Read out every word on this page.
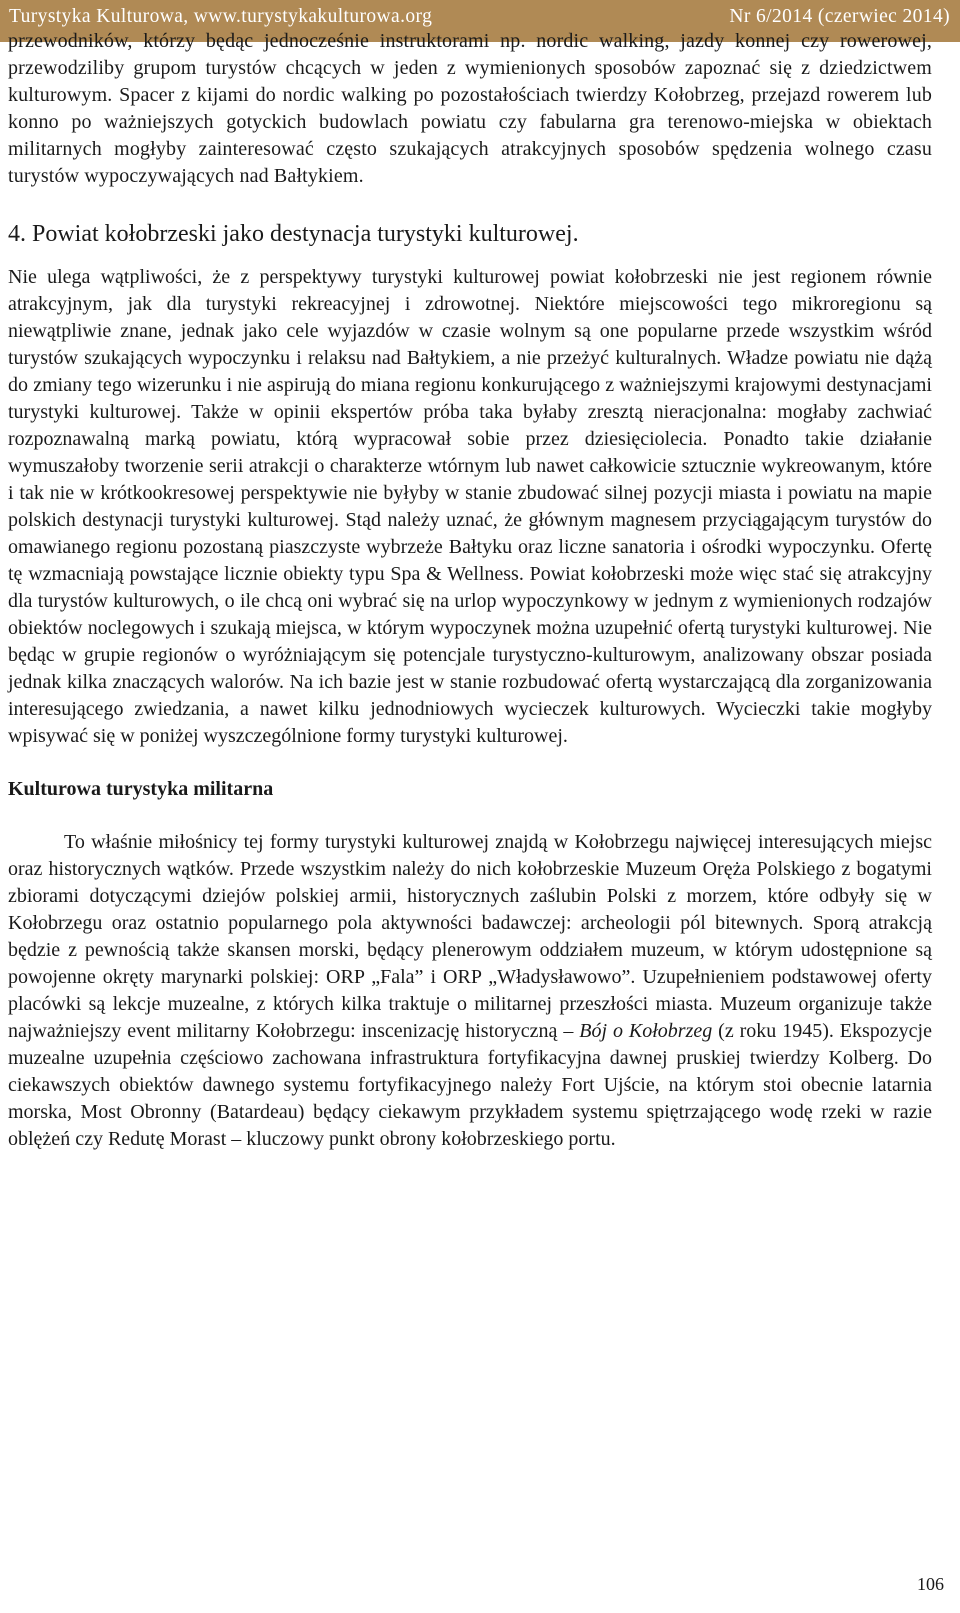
Turystyka Kulturowa, www.turystykakulturowa.org	Nr 6/2014 (czerwiec 2014)

przewodników, którzy będąc jednocześnie instruktorami np. nordic walking, jazdy konnej czy rowerowej, przewodziliby grupom turystów chcących w jeden z wymienionych sposobów zapoznać się z dziedzictwem kulturowym. Spacer z kijami do nordic walking po pozostałościach twierdzy Kołobrzeg, przejazd rowerem lub konno po ważniejszych gotyckich budowlach powiatu czy fabularna gra terenowo-miejska w obiektach militarnych mogłyby zainteresować często szukających atrakcyjnych sposobów spędzenia wolnego czasu turystów wypoczywających nad Bałtykiem.

4. Powiat kołobrzeski jako destynacja turystyki kulturowej.

Nie ulega wątpliwości, że z perspektywy turystyki kulturowej powiat kołobrzeski nie jest regionem równie atrakcyjnym, jak dla turystyki rekreacyjnej i zdrowotnej. Niektóre miejscowości tego mikroregionu są niewątpliwie znane, jednak jako cele wyjazdów w czasie wolnym są one popularne przede wszystkim wśród turystów szukających wypoczynku i relaksu nad Bałtykiem, a nie przeżyć kulturalnych. Władze powiatu nie dążą do zmiany tego wizerunku i nie aspirują do miana regionu konkurującego z ważniejszymi krajowymi destynacjami turystyki kulturowej. Także w opinii ekspertów próba taka byłaby zresztą nieracjonalna: mogłaby zachwiać rozpoznawalną marką powiatu, którą wypracował sobie przez dziesięciolecia. Ponadto takie działanie wymuszałoby tworzenie serii atrakcji o charakterze wtórnym lub nawet całkowicie sztucznie wykreowanym, które i tak nie w krótkookresowej perspektywie nie byłyby w stanie zbudować silnej pozycji miasta i powiatu na mapie polskich destynacji turystyki kulturowej. Stąd należy uznać, że głównym magnesem przyciągającym turystów do omawianego regionu pozostaną piaszczyste wybrzeże Bałtyku oraz liczne sanatoria i ośrodki wypoczynku. Ofertę tę wzmacniają powstające licznie obiekty typu Spa & Wellness. Powiat kołobrzeski może więc stać się atrakcyjny dla turystów kulturowych, o ile chcą oni wybrać się na urlop wypoczynkowy w jednym z wymienionych rodzajów obiektów noclegowych i szukają miejsca, w którym wypoczynek można uzupełnić ofertą turystyki kulturowej. Nie będąc w grupie regionów o wyróżniającym się potencjale turystyczno-kulturowym, analizowany obszar posiada jednak kilka znaczących walorów. Na ich bazie jest w stanie rozbudować ofertą wystarczającą dla zorganizowania interesującego zwiedzania, a nawet kilku jednodniowych wycieczek kulturowych. Wycieczki takie mogłyby wpisywać się w poniżej wyszczególnione formy turystyki kulturowej.

Kulturowa turystyka militarna

To właśnie miłośnicy tej formy turystyki kulturowej znajdą w Kołobrzegu najwięcej interesujących miejsc oraz historycznych wątków. Przede wszystkim należy do nich kołobrzeskie Muzeum Oręża Polskiego z bogatymi zbiorami dotyczącymi dziejów polskiej armii, historycznych zaślubin Polski z morzem, które odbyły się w Kołobrzegu oraz ostatnio popularnego pola aktywności badawczej: archeologii pól bitewnych. Sporą atrakcją będzie z pewnością także skansen morski, będący plenerowym oddziałem muzeum, w którym udostępnione są powojenne okręty marynarki polskiej: ORP „Fala” i ORP „Władysławowo”. Uzupełnieniem podstawowej oferty placówki są lekcje muzealne, z których kilka traktuje o militarnej przeszłości miasta. Muzeum organizuje także najważniejszy event militarny Kołobrzegu: inscenizację historyczną – Bój o Kołobrzeg (z roku 1945). Ekspozycje muzealne uzupełnia częściowo zachowana infrastruktura fortyfikacyjna dawnej pruskiej twierdzy Kolberg. Do ciekawszych obiektów dawnego systemu fortyfikacyjnego należy Fort Ujście, na którym stoi obecnie latarnia morska, Most Obronny (Batardeau) będący ciekawym przykładem systemu spiętrzającego wodę rzeki w razie oblężeń czy Redutę Morast – kluczowy punkt obrony kołobrzeskiego portu.

106
